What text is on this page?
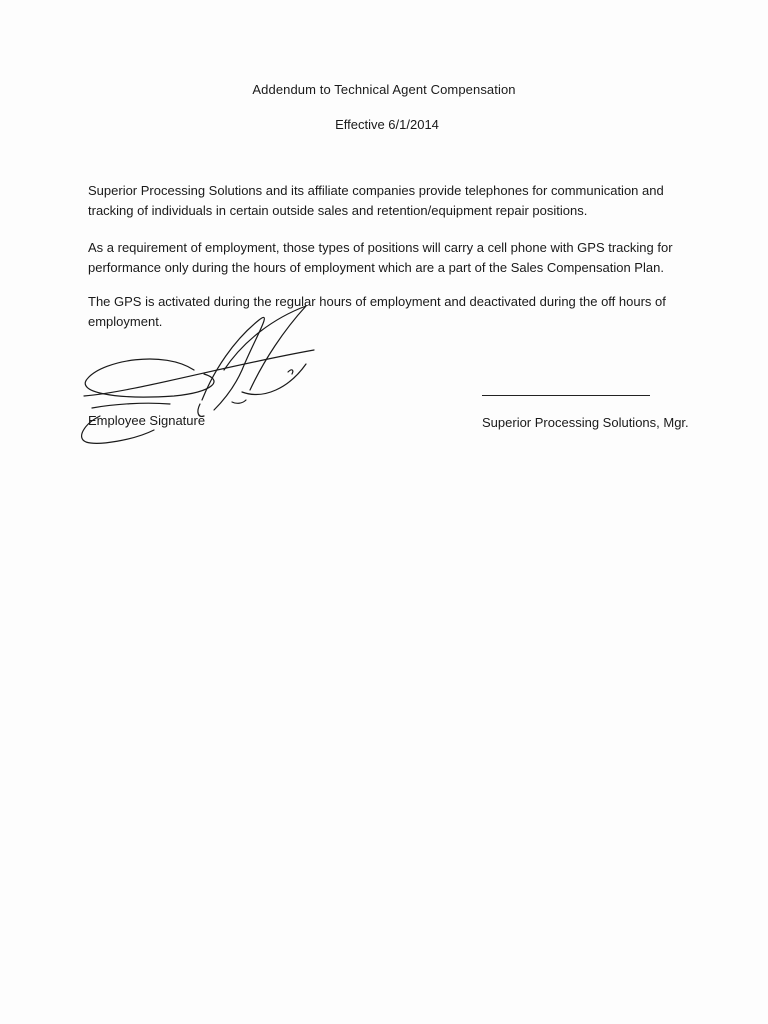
Addendum to Technical Agent Compensation
Effective 6/1/2014

Superior Processing Solutions and its affiliate companies provide telephones for communication and tracking of individuals in certain outside sales and retention/equipment repair positions.

As a requirement of employment, those types of positions will carry a cell phone with GPS tracking for performance only during the hours of employment which are a part of the Sales Compensation Plan.

The GPS is activated during the regular hours of employment and deactivated during the off hours of employment.

Employee Signature	Superior Processing Solutions, Mgr.
